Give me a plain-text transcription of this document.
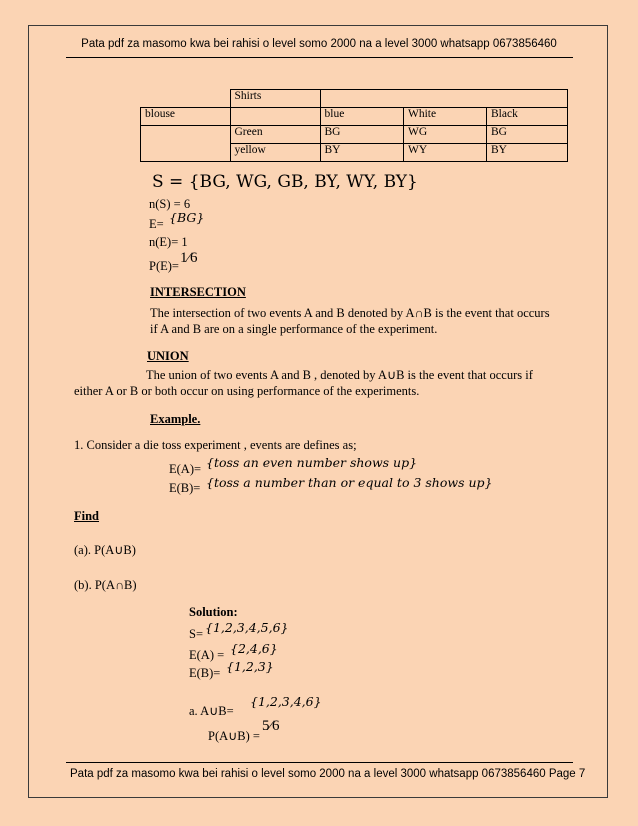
Pata pdf za masomo kwa bei rahisi o level somo 2000 na a level 3000 whatsapp 0673856460
	Shirts			
blouse		blue	White	Black
	Green	BG	WG	BG
	yellow	BY	WY	BY
S = {BG, WG, GB, BY, WY, BY}
n(S) = 6
E= {BG}
n(E)= 1
P(E)= 1⁄6
INTERSECTION
The intersection of two events A and B denoted by A∩B is the event that occurs
if A and B are on a single performance of the experiment.
UNION
The union of two events A and B , denoted by A∪B is the event that occurs if
either A or B or both occur on using performance of the experiments.
Example.
1. Consider a die toss experiment , events are defines as;
E(A)= {toss an even number shows up}
E(B)= {toss a number than or equal to 3 shows up}
Find
(a). P(A∪B)
(b). P(A∩B)
Solution:
S= {1,2,3,4,5,6}
E(A) = {2,4,6}
E(B)= {1,2,3}
a. A∪B=
{1,2,3,4,6}
P(A∪B) =
5⁄6
Pata pdf za masomo kwa bei rahisi o level somo 2000 na a level 3000 whatsapp 0673856460 Page 7
